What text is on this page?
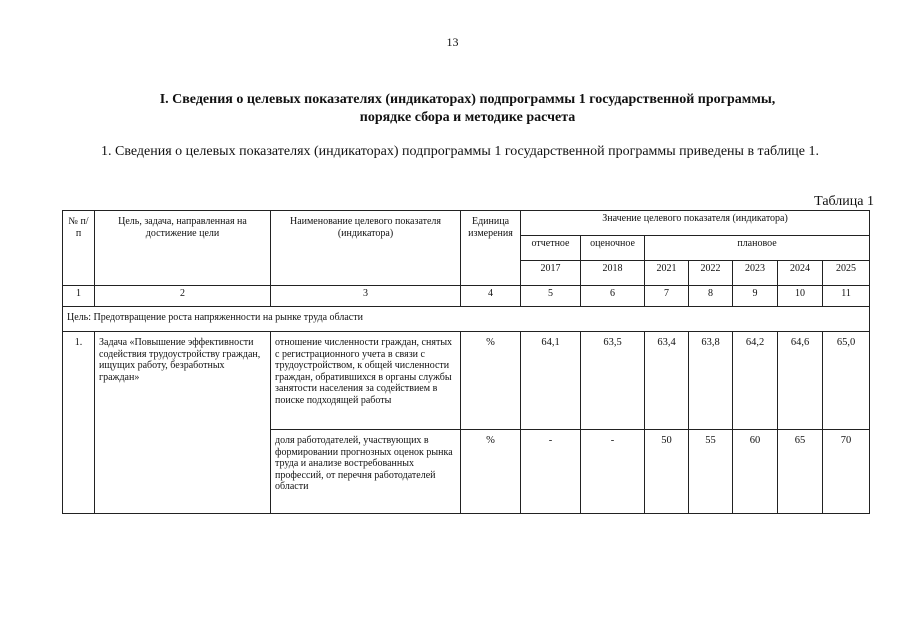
13
I. Сведения о целевых показателях (индикаторах) подпрограммы 1 государственной программы,
порядке сбора и методике расчета
1. Сведения о целевых показателях (индикаторах) подпрограммы 1 государственной программы приведены в таблице 1.
Таблица 1
№ п/п	Цель, задача, направленная на достижение цели	Наименование целевого показателя (индикатора)	Единица измерения	Значение целевого показателя (индикатора)						
				отчетное	оценочное	плановое				
				2017	2018	2021	2022	2023	2024	2025
1	2	3	4	5	6	7	8	9	10	11
Цель: Предотвращение роста напряженности на рынке труда области										
1.	Задача «Повышение эффективности содействия трудоустройству граждан, ищущих работу, безработных граждан»	отношение численности граждан, снятых с регистрационного учета в связи с трудоустройством, к общей численности граждан, обратившихся в органы службы занятости населения за содействием в поиске подходящей работы	%	64,1	63,5	63,4	63,8	64,2	64,6	65,0
		доля работодателей, участвующих в формировании прогнозных оценок рынка труда и анализе востребованных профессий, от перечня работодателей области	%	-	-	50	55	60	65	70
